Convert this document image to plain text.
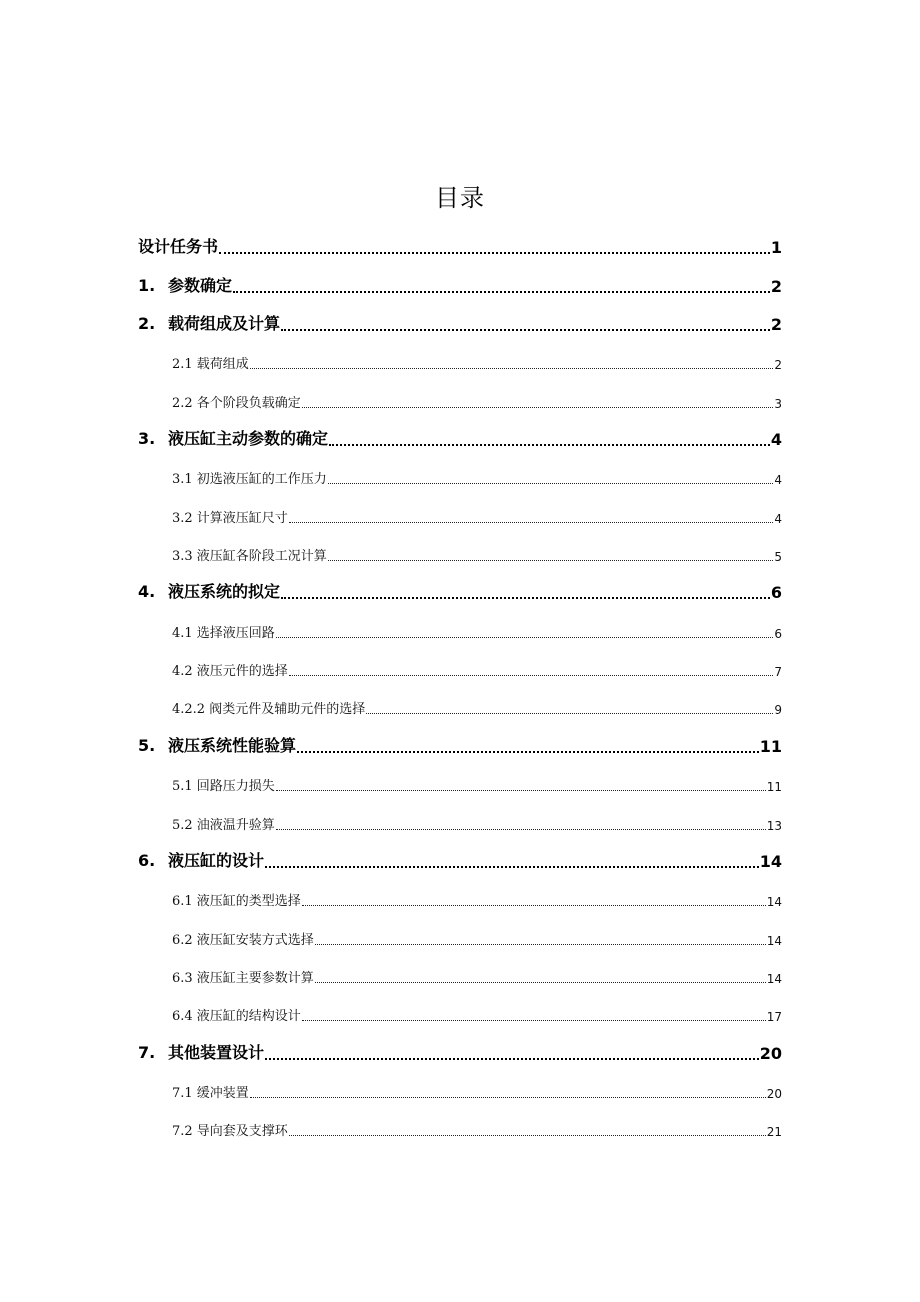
目录
设计任务书	1
1. 参数确定	2
2. 载荷组成及计算	2
2.1 载荷组成	2
2.2 各个阶段负载确定	3
3. 液压缸主动参数的确定	4
3.1 初选液压缸的工作压力	4
3.2 计算液压缸尺寸	4
3.3 液压缸各阶段工况计算	5
4. 液压系统的拟定	6
4.1 选择液压回路	6
4.2 液压元件的选择	7
4.2.2 阀类元件及辅助元件的选择	9
5. 液压系统性能验算	11
5.1 回路压力损失	11
5.2 油液温升验算	13
6. 液压缸的设计	14
6.1 液压缸的类型选择	14
6.2 液压缸安装方式选择	14
6.3 液压缸主要参数计算	14
6.4 液压缸的结构设计	17
7. 其他装置设计	20
7.1 缓冲装置	20
7.2 导向套及支撑环	21
